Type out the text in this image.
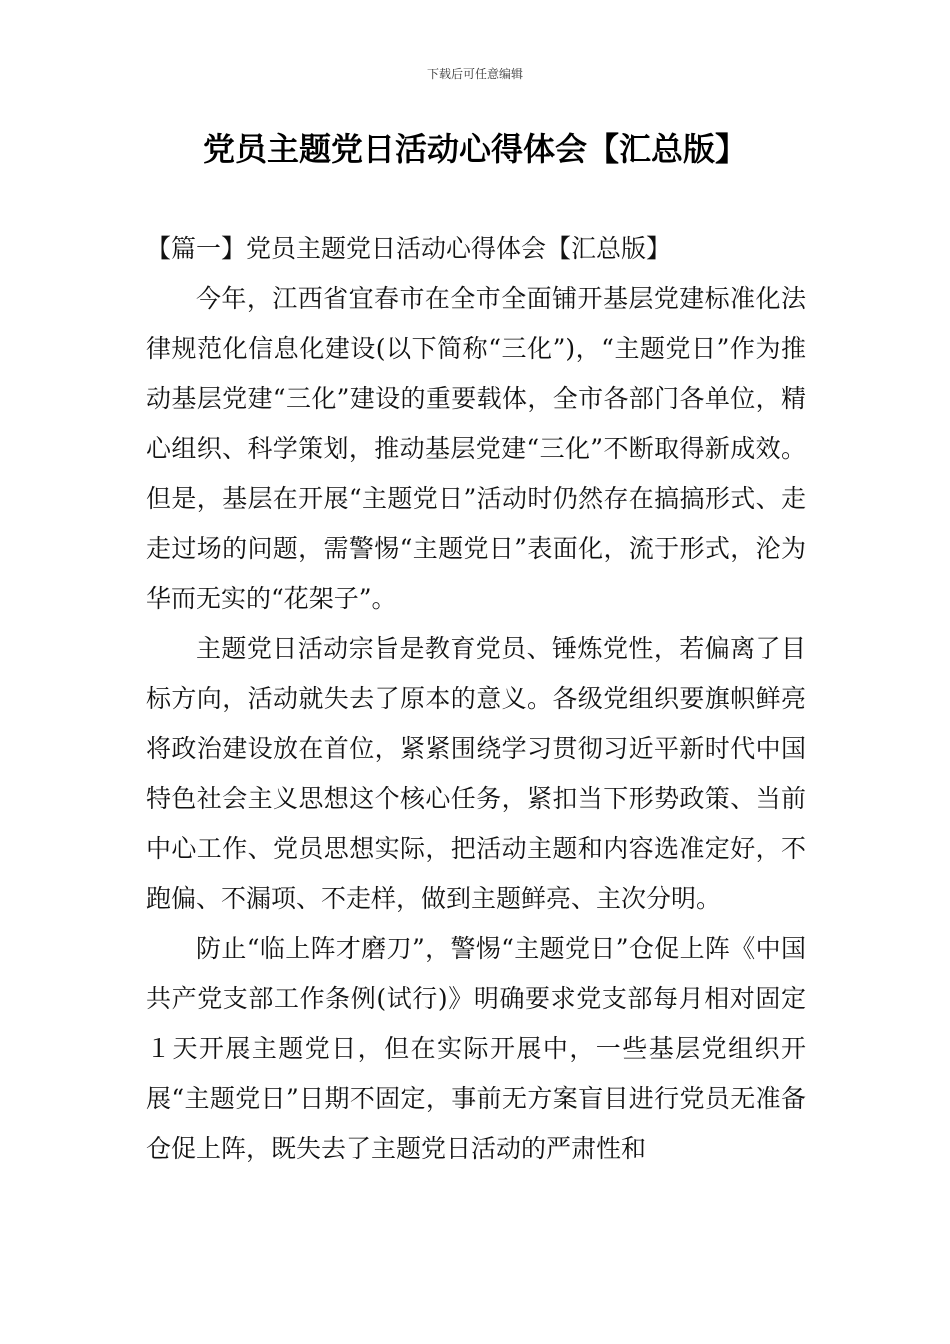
下载后可任意编辑
党员主题党日活动心得体会【汇总版】

【篇一】党员主题党日活动心得体会【汇总版】

今年，江西省宜春市在全市全面铺开基层党建标准化法律规范化信息化建设(以下简称“三化”)，“主题党日”作为推动基层党建“三化”建设的重要载体，全市各部门各单位，精心组织、科学策划，推动基层党建“三化”不断取得新成效。但是，基层在开展“主题党日”活动时仍然存在搞搞形式、走走过场的问题，需警惕“主题党日”表面化，流于形式，沦为华而无实的“花架子”。

主题党日活动宗旨是教育党员、锤炼党性，若偏离了目标方向，活动就失去了原本的意义。各级党组织要旗帜鲜亮将政治建设放在首位，紧紧围绕学习贯彻习近平新时代中国特色社会主义思想这个核心任务，紧扣当下形势政策、当前中心工作、党员思想实际，把活动主题和内容选准定好，不跑偏、不漏项、不走样，做到主题鲜亮、主次分明。

防止“临上阵才磨刀”，警惕“主题党日”仓促上阵《中国共产党支部工作条例(试行)》明确要求党支部每月相对固定１天开展主题党日，但在实际开展中，一些基层党组织开展“主题党日”日期不固定，事前无方案盲目进行党员无准备仓促上阵，既失去了主题党日活动的严肃性和
